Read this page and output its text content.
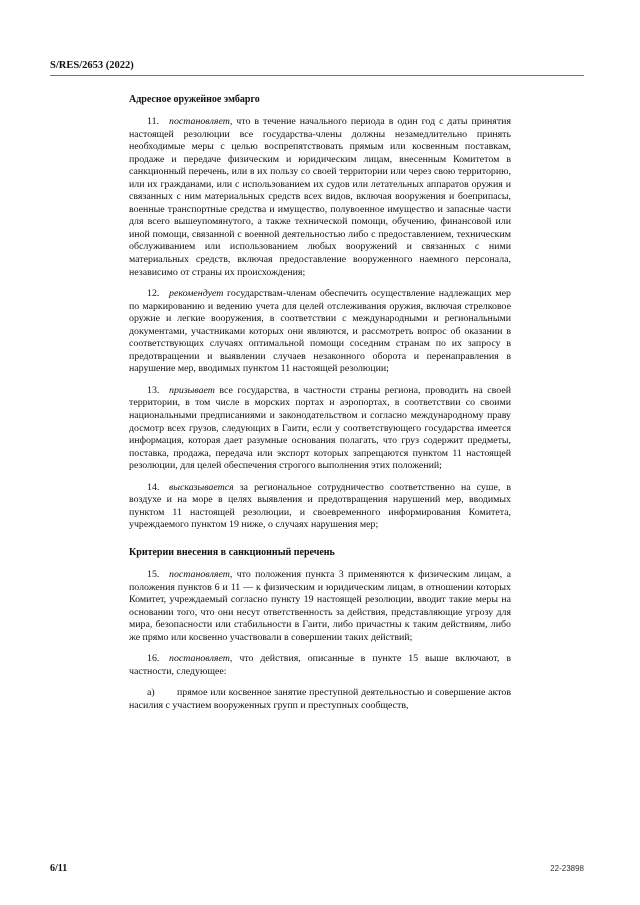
S/RES/2653 (2022)
Адресное оружейное эмбарго

11. постановляет, что в течение начального периода в один год с даты принятия настоящей резолюции все государства-члены должны незамедлительно принять необходимые меры с целью воспрепятствовать прямым или косвенным поставкам, продаже и передаче физическим и юридическим лицам, внесенным Комитетом в санкционный перечень, или в их пользу со своей территории или через свою территорию, или их гражданами, или с использованием их судов или летательных аппаратов оружия и связанных с ним материальных средств всех видов, включая вооружения и боеприпасы, военные транспортные средства и имущество, полувоенное имущество и запасные части для всего вышеупомянутого, а также технической помощи, обучению, финансовой или иной помощи, связанной с военной деятельностью либо с предоставлением, техническим обслуживанием или использованием любых вооружений и связанных с ними материальных средств, включая предоставление вооруженного наемного персонала, независимо от страны их происхождения;

12. рекомендует государствам-членам обеспечить осуществление надлежащих мер по маркированию и ведению учета для целей отслеживания оружия, включая стрелковое оружие и легкие вооружения, в соответствии с международными и региональными документами, участниками которых они являются, и рассмотреть вопрос об оказании в соответствующих случаях оптимальной помощи соседним странам по их запросу в предотвращении и выявлении случаев незаконного оборота и перенаправления в нарушение мер, вводимых пунктом 11 настоящей резолюции;

13. призывает все государства, в частности страны региона, проводить на своей территории, в том числе в морских портах и аэропортах, в соответствии со своими национальными предписаниями и законодательством и согласно международному праву досмотр всех грузов, следующих в Гаити, если у соответствующего государства имеется информация, которая дает разумные основания полагать, что груз содержит предметы, поставка, продажа, передача или экспорт которых запрещаются пунктом 11 настоящей резолюции, для целей обеспечения строгого выполнения этих положений;

14. высказывается за региональное сотрудничество соответственно на суше, в воздухе и на море в целях выявления и предотвращения нарушений мер, вводимых пунктом 11 настоящей резолюции, и своевременного информирования Комитета, учреждаемого пунктом 19 ниже, о случаях нарушения мер;

Критерии внесения в санкционный перечень

15. постановляет, что положения пункта 3 применяются к физическим лицам, а положения пунктов 6 и 11 — к физическим и юридическим лицам, в отношении которых Комитет, учреждаемый согласно пункту 19 настоящей резолюции, вводит такие меры на основании того, что они несут ответственность за действия, представляющие угрозу для мира, безопасности или стабильности в Гаити, либо причастны к таким действиям, либо же прямо или косвенно участвовали в совершении таких действий;

16. постановляет, что действия, описанные в пункте 15 выше включают, в частности, следующее:

a) прямое или косвенное занятие преступной деятельностью и совершение актов насилия с участием вооруженных групп и преступных сообществ,

6/11	22-23898
